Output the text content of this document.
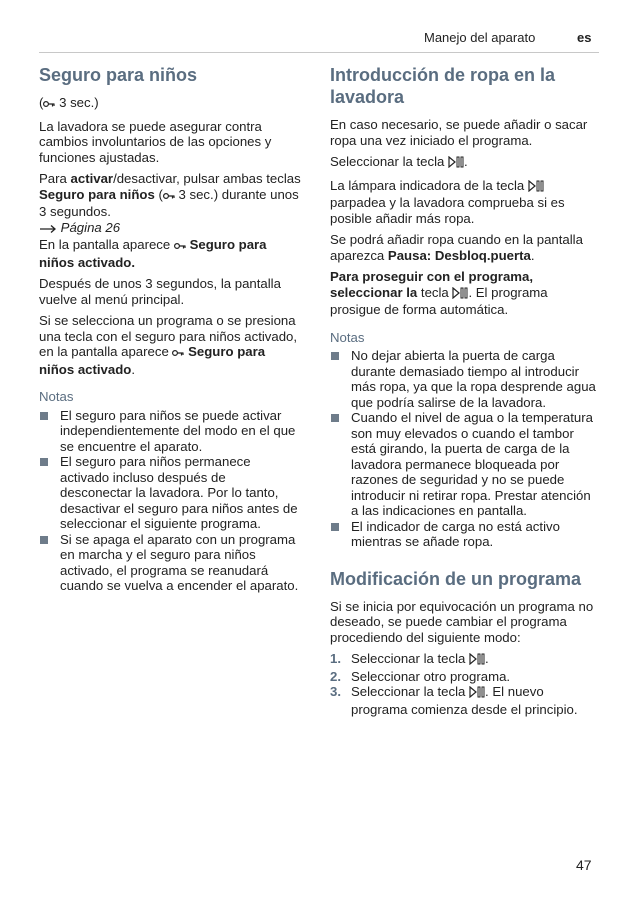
Manejo del aparato	es
Seguro para niños

( 3 sec.)

La lavadora se puede asegurar contra cambios involuntarios de las opciones y funciones ajustadas.

Para activar/desactivar, pulsar ambas teclas Seguro para niños ( 3 sec.) durante unos 3 segundos.
Página 26
En la pantalla aparece  Seguro para niños activado.

Después de unos 3 segundos, la pantalla vuelve al menú principal.

Si se selecciona un programa o se presiona una tecla con el seguro para niños activado, en la pantalla aparece  Seguro para niños activado.

Notas
El seguro para niños se puede activar independientemente del modo en el que se encuentre el aparato.
El seguro para niños permanece activado incluso después de desconectar la lavadora. Por lo tanto, desactivar el seguro para niños antes de seleccionar el siguiente programa.
Si se apaga el aparato con un programa en marcha y el seguro para niños activado, el programa se reanudará cuando se vuelva a encender el aparato.
Introducción de ropa en la lavadora

En caso necesario, se puede añadir o sacar ropa una vez iniciado el programa.

Seleccionar la tecla .

La lámpara indicadora de la tecla  parpadea y la lavadora comprueba si es posible añadir más ropa.

Se podrá añadir ropa cuando en la pantalla aparezca Pausa: Desbloq.puerta.

Para proseguir con el programa, seleccionar la tecla . El programa prosigue de forma automática.

Notas
No dejar abierta la puerta de carga durante demasiado tiempo al introducir más ropa, ya que la ropa desprende agua que podría salirse de la lavadora.
Cuando el nivel de agua o la temperatura son muy elevados o cuando el tambor está girando, la puerta de carga de la lavadora permanece bloqueada por razones de seguridad y no se puede introducir ni retirar ropa. Prestar atención a las indicaciones en pantalla.
El indicador de carga no está activo mientras se añade ropa.
Modificación de un programa

Si se inicia por equivocación un programa no deseado, se puede cambiar el programa procediendo del siguiente modo:

1. Seleccionar la tecla .
2. Seleccionar otro programa.
3. Seleccionar la tecla . El nuevo programa comienza desde el principio.
47
